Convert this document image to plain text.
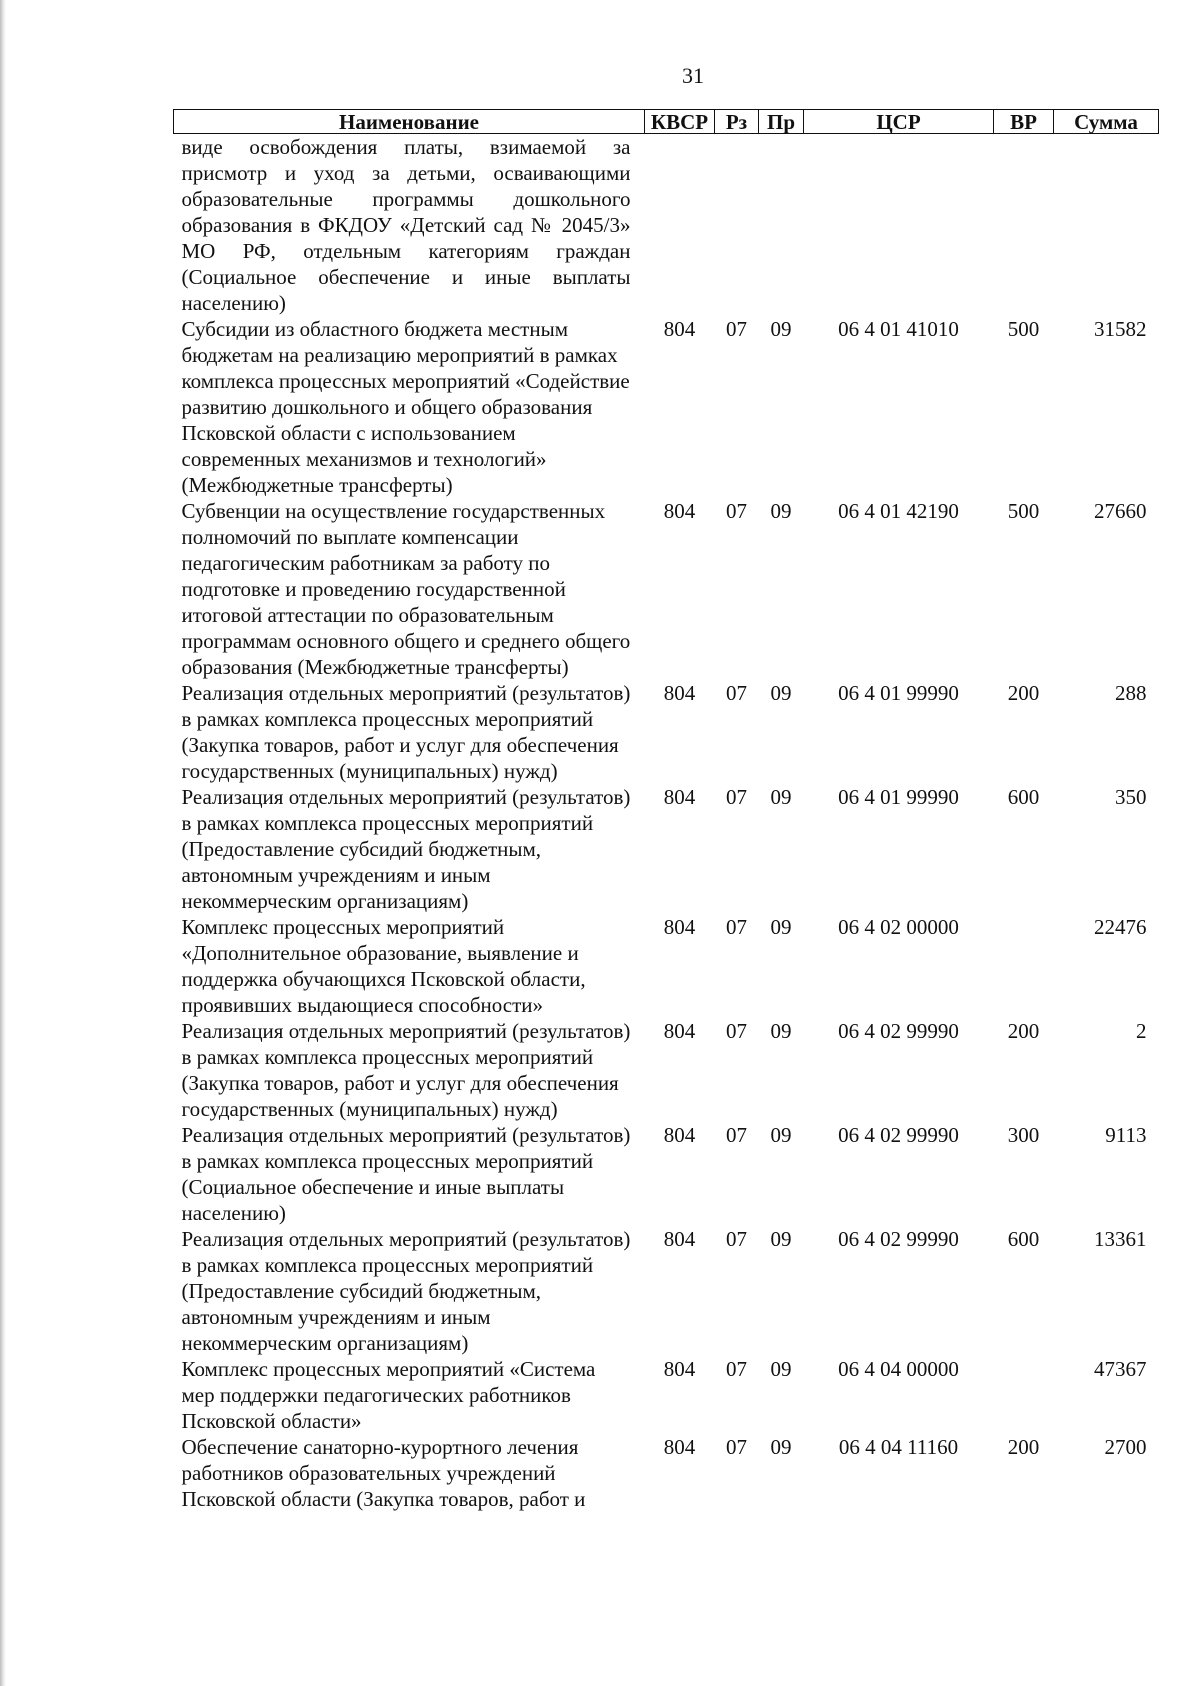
31
Наименование	КВСР	Рз	Пр	ЦСР	ВР	Сумма
виде освобождения платы, взимаемой за присмотр и уход за детьми, осваивающими образовательные программы дошкольного образования в ФКДОУ «Детский сад № 2045/3» МО РФ, отдельным категориям граждан (Социальное обеспечение и иные выплаты населению)						
Субсидии из областного бюджета местным бюджетам на реализацию мероприятий в рамках комплекса процессных мероприятий «Содействие развитию дошкольного и общего образования Псковской области с использованием современных механизмов и технологий» (Межбюджетные трансферты)	804	07	09	06 4 01 41010	500	31582
Субвенции на осуществление государственных полномочий по выплате компенсации педагогическим работникам за работу по подготовке и проведению государственной итоговой аттестации по образовательным программам основного общего и среднего общего образования (Межбюджетные трансферты)	804	07	09	06 4 01 42190	500	27660
Реализация отдельных мероприятий (результатов) в рамках комплекса процессных мероприятий (Закупка товаров, работ и услуг для обеспечения государственных (муниципальных) нужд)	804	07	09	06 4 01 99990	200	288
Реализация отдельных мероприятий (результатов) в рамках комплекса процессных мероприятий (Предоставление субсидий бюджетным, автономным учреждениям и иным некоммерческим организациям)	804	07	09	06 4 01 99990	600	350
Комплекс процессных мероприятий «Дополнительное образование, выявление и поддержка обучающихся Псковской области, проявивших выдающиеся способности»	804	07	09	06 4 02 00000		22476
Реализация отдельных мероприятий (результатов) в рамках комплекса процессных мероприятий (Закупка товаров, работ и услуг для обеспечения государственных (муниципальных) нужд)	804	07	09	06 4 02 99990	200	2
Реализация отдельных мероприятий (результатов) в рамках комплекса процессных мероприятий (Социальное обеспечение и иные выплаты населению)	804	07	09	06 4 02 99990	300	9113
Реализация отдельных мероприятий (результатов) в рамках комплекса процессных мероприятий (Предоставление субсидий бюджетным, автономным учреждениям и иным некоммерческим организациям)	804	07	09	06 4 02 99990	600	13361
Комплекс процессных мероприятий «Система мер поддержки педагогических работников Псковской области»	804	07	09	06 4 04 00000		47367
Обеспечение санаторно-курортного лечения работников образовательных учреждений Псковской области (Закупка товаров, работ и	804	07	09	06 4 04 11160	200	2700
